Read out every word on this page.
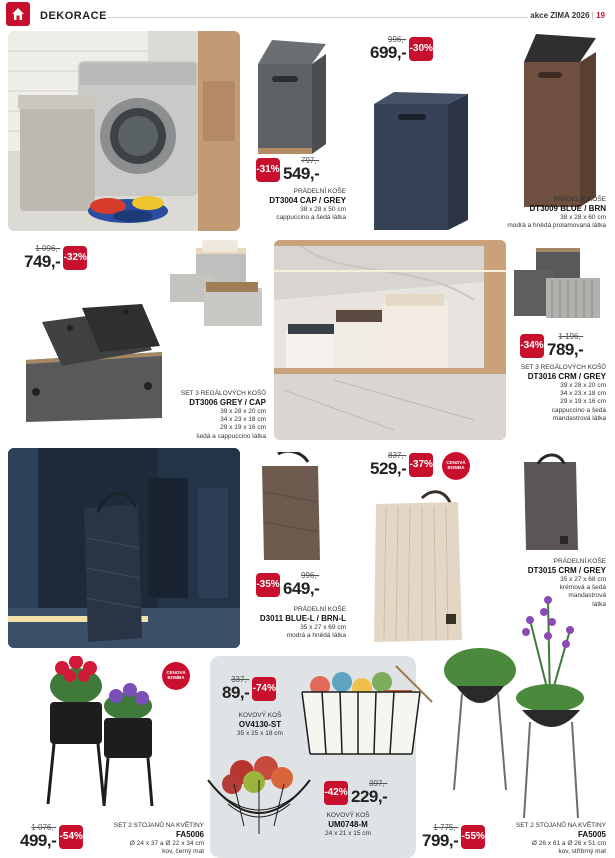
DEKORACE	akce ZIMA 2026 | 19
-31%
797,-
549,-
PRÁDELNÍ KOŠE
DT3004 CAP / GREY
38 x 28 x 50 cm
cappuccino a šedá látka
996,-
699,- -30%
PRÁDELNÍ KOŠE
DT3009 BLUE / BRN
38 x 28 x 60 cm
modrá a hnědá prolamovaná látka
1 096,-
749,- -32%
SET 3 REGÁLOVÝCH KOŠŮ
DT3006 GREY / CAP
39 x 28 x 20 cm
34 x 23 x 18 cm
29 x 19 x 16 cm
šedá a cappuccino látka
-34%
1 196,-
789,-
SET 3 REGÁLOVÝCH KOŠŮ
DT3016 CRM / GREY
39 x 28 x 20 cm
34 x 23 x 18 cm
29 x 19 x 16 cm
cappuccino a šedá
mandastrová látka
-35%
996,-
649,-
PRÁDELNÍ KOŠE
D3011 BLUE-L / BRN-L
35 x 27 x 69 cm
modrá a hnědá látka
837,-
529,- -37%	CENOVÁ
BOMBA
PRÁDELNÍ KOŠE
DT3015 CRM / GREY
35 x 27 x 68 cm
krémová a šedá
mandastrová
látka
CENOVÁ
BOMBA
1 076,-
499,- -54%
SET 2 STOJANŮ NA KVĚTINY
FA5006
Ø 24 x 37 a Ø 22 x 34 cm
kov, černý mat
337,-
89,- -74%
KOVOVÝ KOŠ
OV4130-ST
35 x 25 x 18 cm
-42%
397,-
229,-
KOVOVÝ KOŠ
UM0748-M
24 x 21 x 15 cm
1 775,-
799,- -55%
SET 2 STOJANŮ NA KVĚTINY
FA5005
Ø 26 x 61 a Ø 26 x 51 cm
kov, stříbrný mat
